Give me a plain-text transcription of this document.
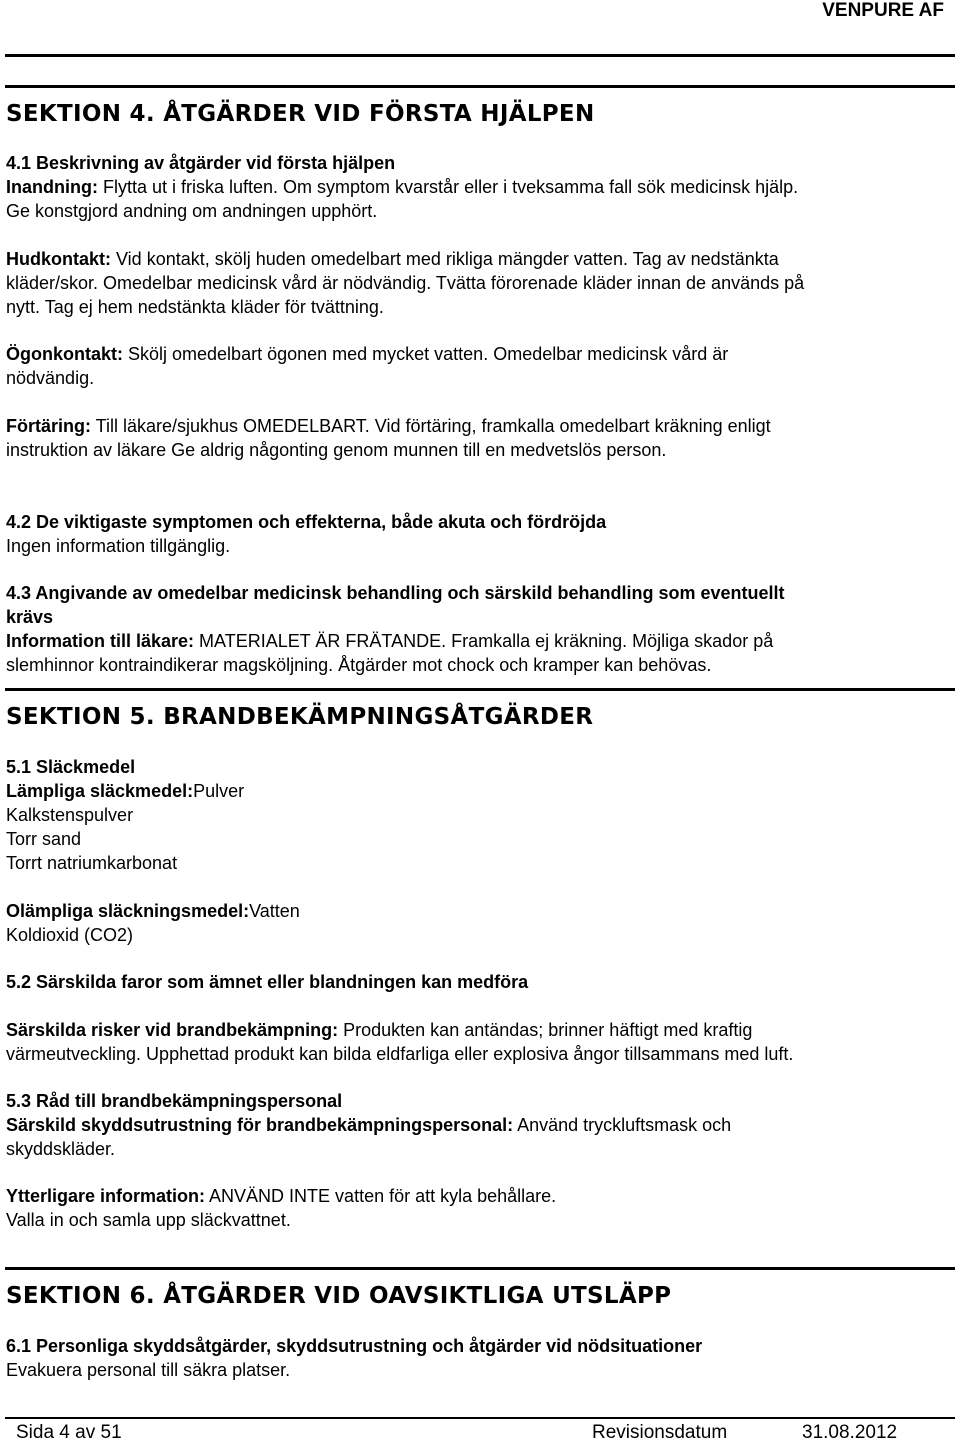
VENPURE AF
SEKTION 4. ÅTGÄRDER VID FÖRSTA HJÄLPEN
4.1 Beskrivning av åtgärder vid första hjälpen
Inandning: Flytta ut i friska luften. Om symptom kvarstår eller i tveksamma fall sök medicinsk hjälp.
Ge konstgjord andning om andningen upphört.
Hudkontakt: Vid kontakt, skölj huden omedelbart med rikliga mängder vatten. Tag av nedstänkta
kläder/skor. Omedelbar medicinsk vård är nödvändig. Tvätta förorenade kläder innan de används på
nytt. Tag ej hem nedstänkta kläder för tvättning.
Ögonkontakt: Skölj omedelbart ögonen med mycket vatten. Omedelbar medicinsk vård är
nödvändig.
Förtäring: Till läkare/sjukhus OMEDELBART. Vid förtäring, framkalla omedelbart kräkning enligt
instruktion av läkare Ge aldrig någonting genom munnen till en medvetslös person.
4.2 De viktigaste symptomen och effekterna, både akuta och fördröjda
Ingen information tillgänglig.
4.3 Angivande av omedelbar medicinsk behandling och särskild behandling som eventuellt
krävs
Information till läkare: MATERIALET ÄR FRÄTANDE. Framkalla ej kräkning. Möjliga skador på
slemhinnor kontraindikerar magsköljning. Åtgärder mot chock och kramper kan behövas.
SEKTION 5. BRANDBEKÄMPNINGSÅTGÄRDER
5.1 Släckmedel
Lämpliga släckmedel:Pulver
Kalkstenspulver
Torr sand
Torrt natriumkarbonat
Olämpliga släckningsmedel:Vatten
Koldioxid (CO2)
5.2 Särskilda faror som ämnet eller blandningen kan medföra
Särskilda risker vid brandbekämpning: Produkten kan antändas; brinner häftigt med kraftig
värmeutveckling. Upphettad produkt kan bilda eldfarliga eller explosiva ångor tillsammans med luft.
5.3 Råd till brandbekämpningspersonal
Särskild skyddsutrustning för brandbekämpningspersonal: Använd tryckluftsmask och
skyddskläder.
Ytterligare information: ANVÄND INTE vatten för att kyla behållare.
Valla in och samla upp släckvattnet.
SEKTION 6. ÅTGÄRDER VID OAVSIKTLIGA UTSLÄPP
6.1 Personliga skyddsåtgärder, skyddsutrustning och åtgärder vid nödsituationer
Evakuera personal till säkra platser.
Sida 4 av 51	Revisionsdatum	31.08.2012
